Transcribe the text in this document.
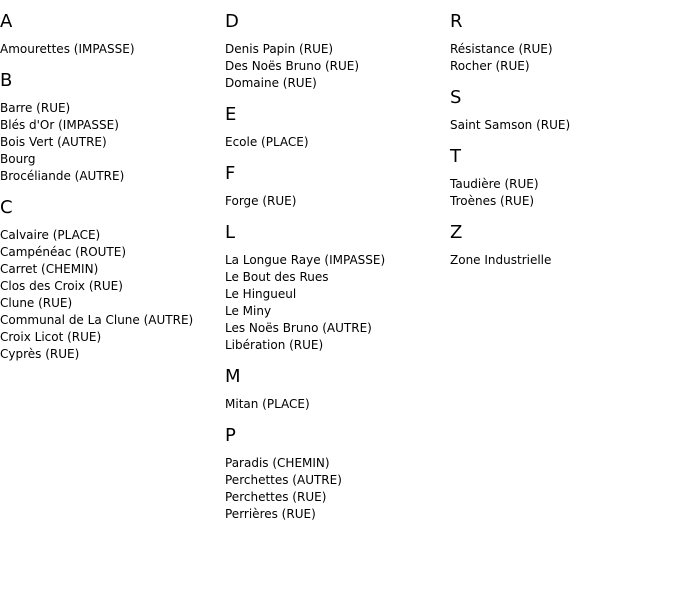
A
Amourettes (IMPASSE)
B
Barre (RUE)
Blés d'Or (IMPASSE)
Bois Vert (AUTRE)
Bourg
Brocéliande (AUTRE)
C
Calvaire (PLACE)
Campénéac (ROUTE)
Carret (CHEMIN)
Clos des Croix (RUE)
Clune (RUE)
Communal de La Clune (AUTRE)
Croix Licot (RUE)
Cyprès (RUE)
D
Denis Papin (RUE)
Des Noës Bruno (RUE)
Domaine (RUE)
E
Ecole (PLACE)
F
Forge (RUE)
L
La Longue Raye (IMPASSE)
Le Bout des Rues
Le Hingueul
Le Miny
Les Noës Bruno (AUTRE)
Libération (RUE)
M
Mitan (PLACE)
P
Paradis (CHEMIN)
Perchettes (AUTRE)
Perchettes (RUE)
Perrières (RUE)
R
Résistance (RUE)
Rocher (RUE)
S
Saint Samson (RUE)
T
Taudière (RUE)
Troènes (RUE)
Z
Zone Industrielle
